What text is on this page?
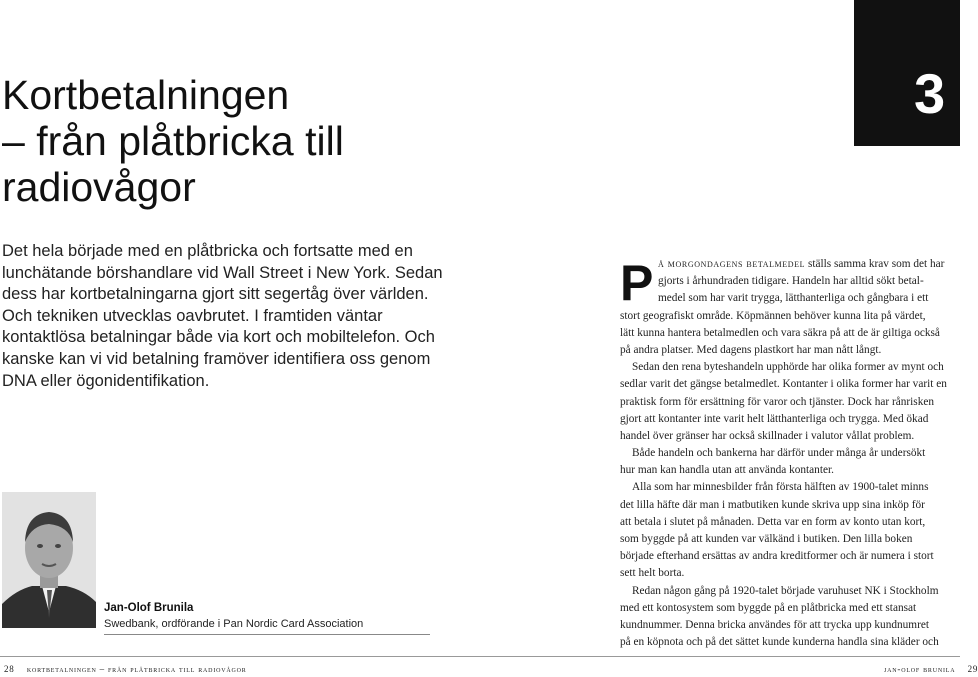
3
Kortbetalningen
– från plåtbricka till
radiovågor
Det hela började med en plåtbricka och fortsatte med en
lunchätande börshandlare vid Wall Street i New York. Sedan
dess har kortbetalningarna gjort sitt segertåg över världen.
Och tekniken utvecklas oavbrutet. I framtiden väntar
kontaktlösa betalningar både via kort och mobiltelefon. Och
kanske kan vi vid betalning framöver identifiera oss genom
DNA eller ögonidentifikation.
Jan-Olof Brunila
Swedbank, ordförande i Pan Nordic Card Association
P å morgondagens betalmedel ställs samma krav som det har
gjorts i århundraden tidigare. Handeln har alltid sökt betal-
medel som har varit trygga, lätthanterliga och gångbara i ett
stort geografiskt område. Köpmännen behöver kunna lita på värdet,
lätt kunna hantera betalmedlen och vara säkra på att de är giltiga också
på andra platser. Med dagens plastkort har man nått långt.
Sedan den rena byteshandeln upphörde har olika former av mynt och
sedlar varit det gängse betalmedlet. Kontanter i olika former har varit en
praktisk form för ersättning för varor och tjänster. Dock har rånrisken
gjort att kontanter inte varit helt lätthanterliga och trygga. Med ökad
handel över gränser har också skillnader i valutor vållat problem.
Både handeln och bankerna har därför under många år undersökt
hur man kan handla utan att använda kontanter.
Alla som har minnesbilder från första hälften av 1900-talet minns
det lilla häfte där man i matbutiken kunde skriva upp sina inköp för
att betala i slutet på månaden. Detta var en form av konto utan kort,
som byggde på att kunden var välkänd i butiken. Den lilla boken
började efterhand ersättas av andra kreditformer och är numera i stort
sett helt borta.
Redan någon gång på 1920-talet började varuhuset NK i Stockholm
med ett kontosystem som byggde på en plåtbricka med ett stansat
kundnummer. Denna bricka användes för att trycka upp kundnumret
på en köpnota och på det sättet kunde kunderna handla sina kläder och
28 kortbetalningen – från plåtbricka till radiovågor	jan-olof brunila 29
